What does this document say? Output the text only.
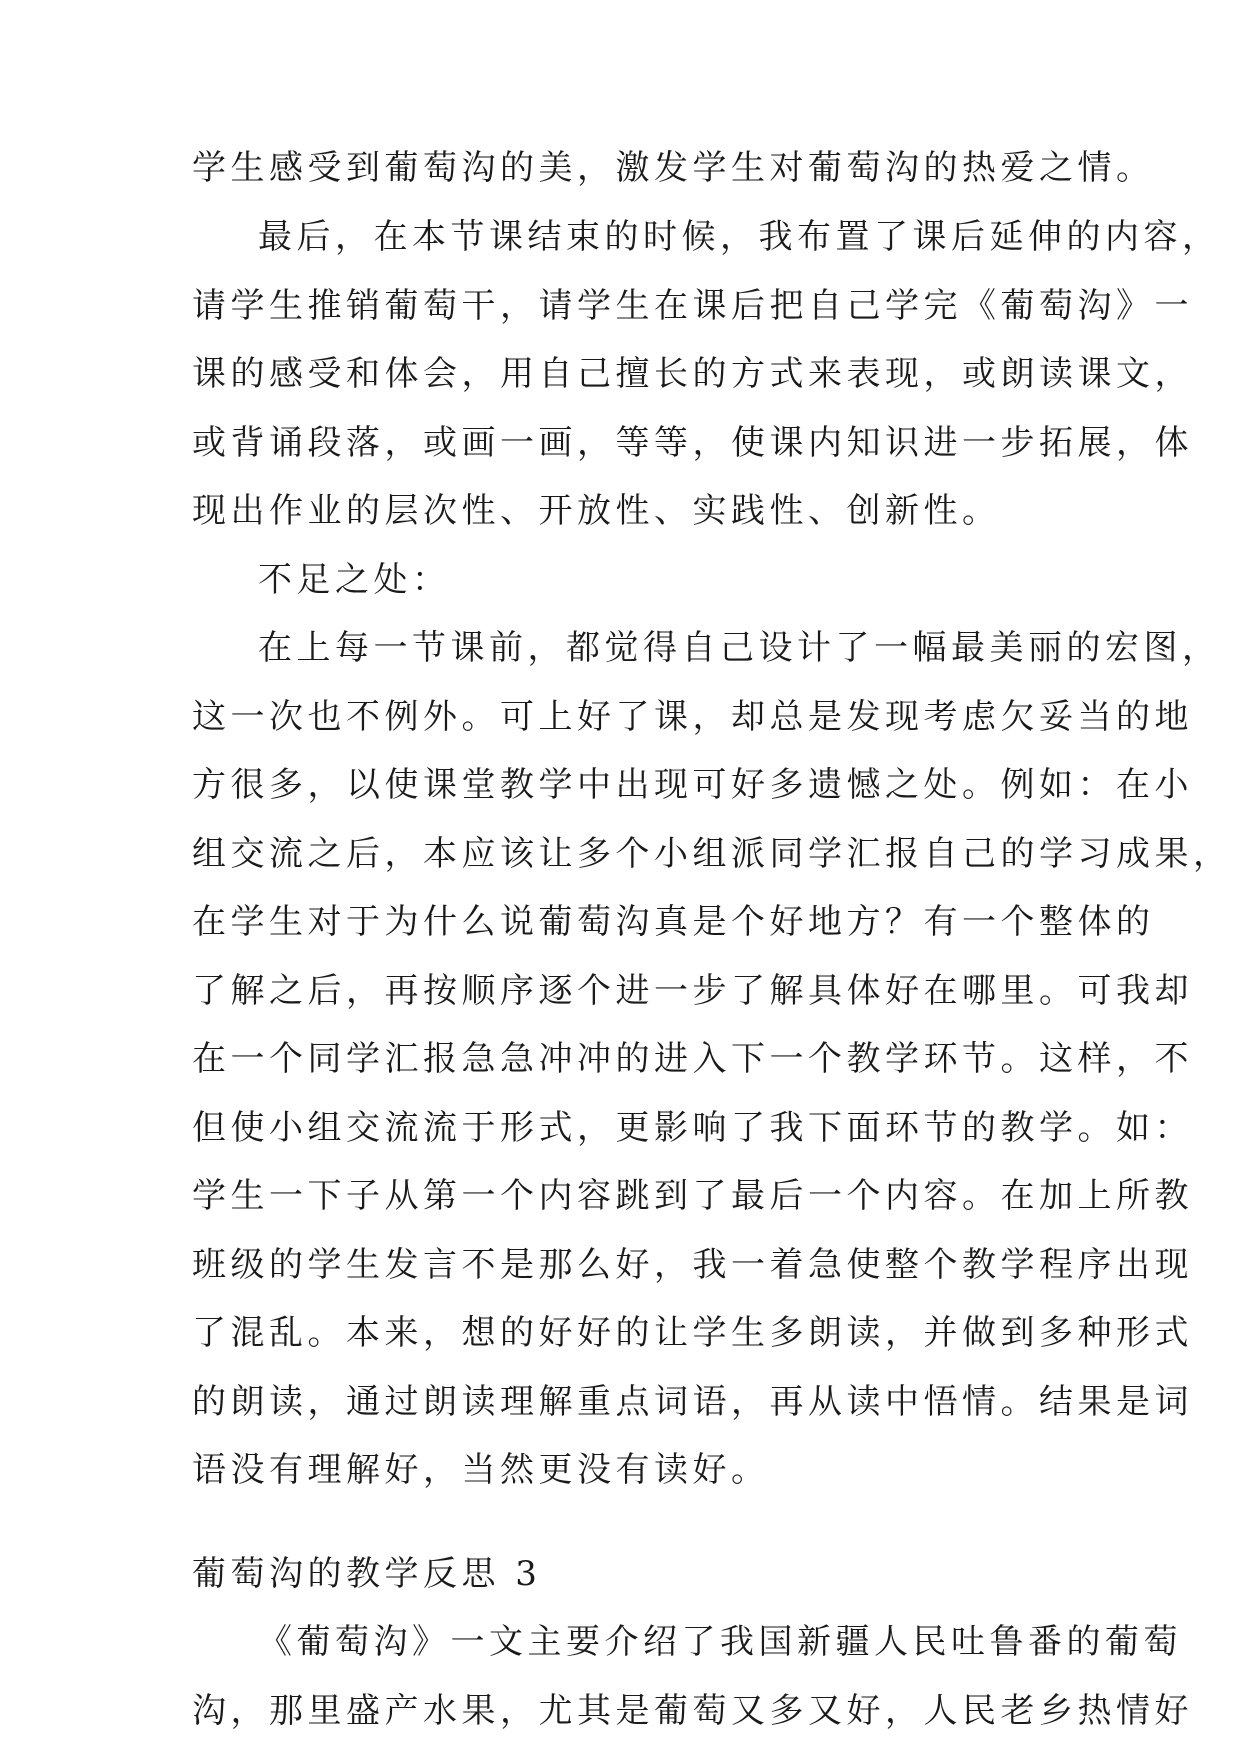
学生感受到葡萄沟的美，激发学生对葡萄沟的热爱之情。
最后，在本节课结束的时候，我布置了课后延伸的内容，
请学生推销葡萄干，请学生在课后把自己学完《葡萄沟》一
课的感受和体会，用自己擅长的方式来表现，或朗读课文，
或背诵段落，或画一画，等等，使课内知识进一步拓展，体
现出作业的层次性、开放性、实践性、创新性。
不足之处：
在上每一节课前，都觉得自己设计了一幅最美丽的宏图，
这一次也不例外。可上好了课，却总是发现考虑欠妥当的地
方很多，以使课堂教学中出现可好多遗憾之处。例如：在小
组交流之后，本应该让多个小组派同学汇报自己的学习成果，
在学生对于为什么说葡萄沟真是个好地方？有一个整体的
了解之后，再按顺序逐个进一步了解具体好在哪里。可我却
在一个同学汇报急急冲冲的进入下一个教学环节。这样，不
但使小组交流流于形式，更影响了我下面环节的教学。如：
学生一下子从第一个内容跳到了最后一个内容。在加上所教
班级的学生发言不是那么好，我一着急使整个教学程序出现
了混乱。本来，想的好好的让学生多朗读，并做到多种形式
的朗读，通过朗读理解重点词语，再从读中悟情。结果是词
语没有理解好，当然更没有读好。
葡萄沟的教学反思 3
《葡萄沟》一文主要介绍了我国新疆人民吐鲁番的葡萄
沟，那里盛产水果，尤其是葡萄又多又好，人民老乡热情好
